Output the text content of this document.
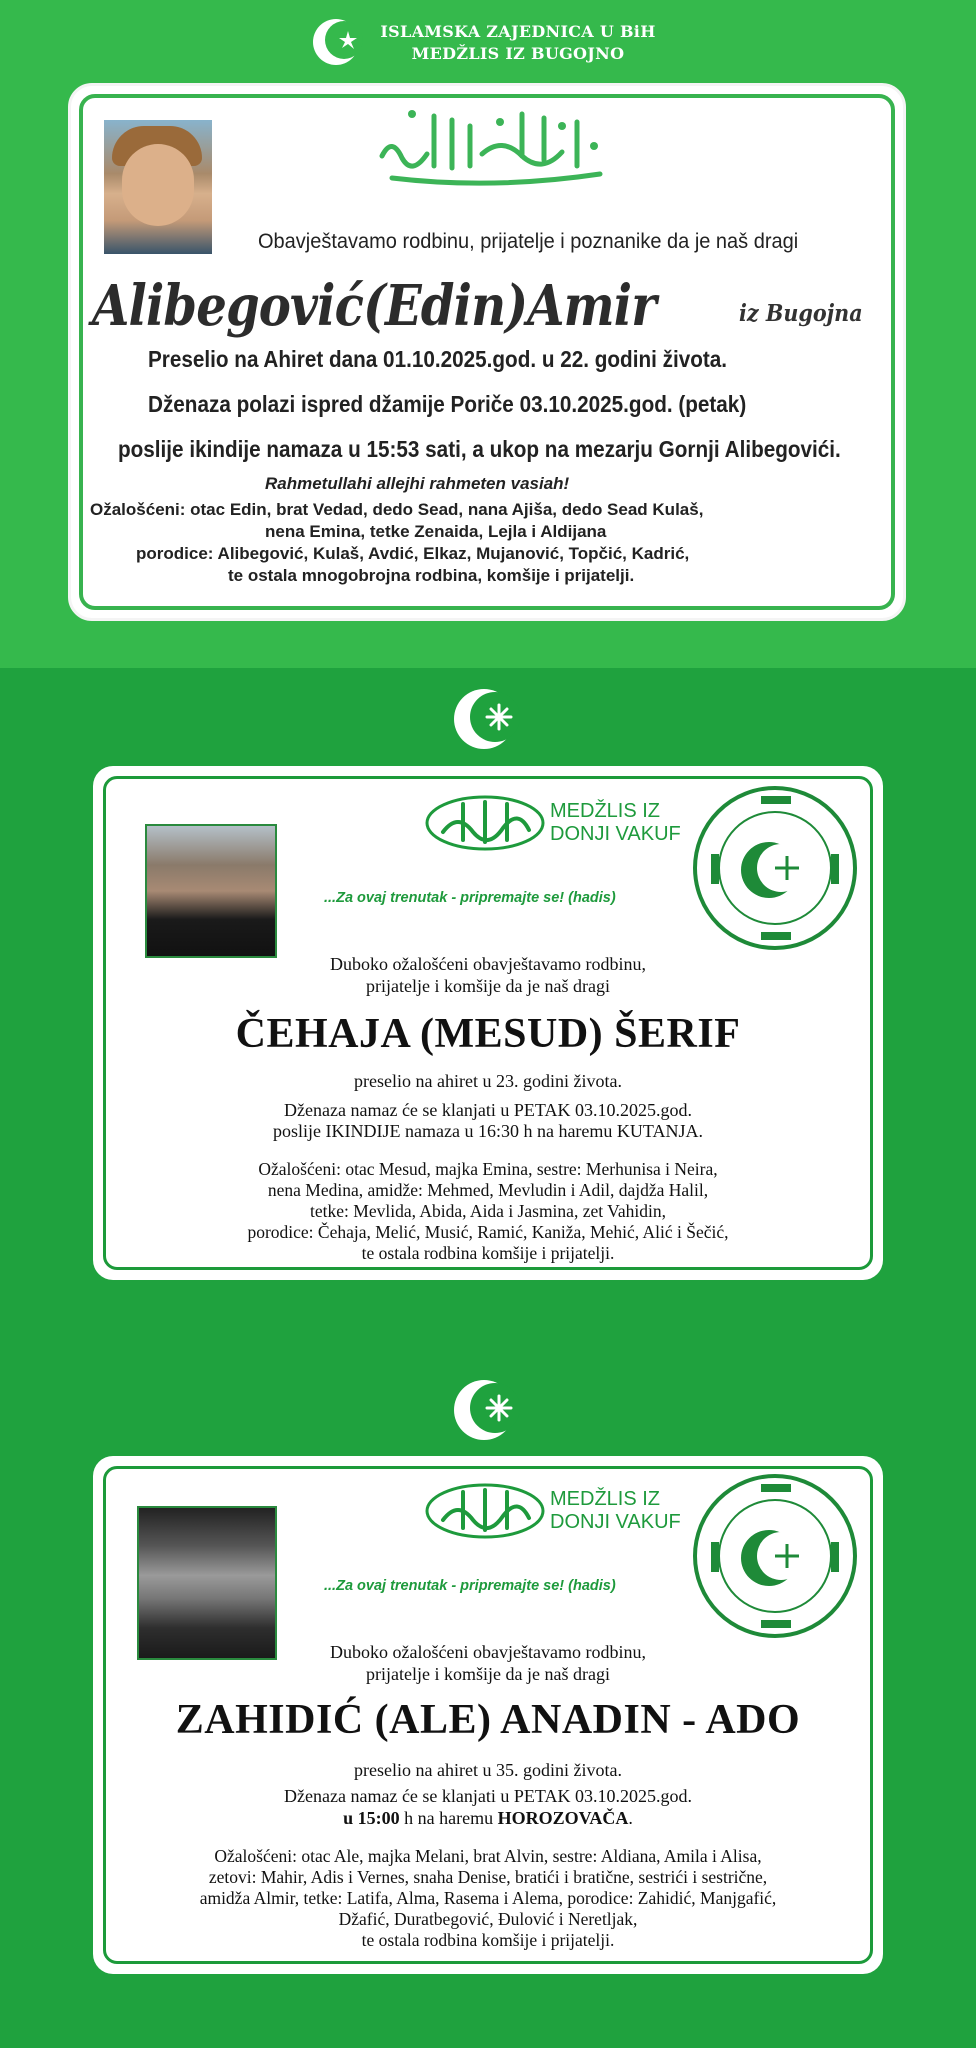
ISLAMSKA ZAJEDNICA U BiH
MEDŽLIS IZ BUGOJNO
Obavještavamo rodbinu, prijatelje i poznanike da je naš dragi
Alibegović(Edin)Amir	iz Bugojna
Preselio na Ahiret dana 01.10.2025.god. u 22. godini života.
Dženaza polazi ispred džamije Poriče 03.10.2025.god. (petak)
poslije ikindije namaza u 15:53 sati, a ukop na mezarju Gornji Alibegovići.
Rahmetullahi allejhi rahmeten vasiah!
Ožalošćeni: otac Edin, brat Vedad, dedo Sead, nana Ajiša, dedo Sead Kulaš,
nena Emina, tetke Zenaida, Lejla i Aldijana
porodice: Alibegović, Kulaš, Avdić, Elkaz, Mujanović, Topčić, Kadrić,
te ostala mnogobrojna rodbina, komšije i prijatelji.
MEDŽLIS IZ
DONJI VAKUF
...Za ovaj trenutak - pripremajte se! (hadis)
Duboko ožalošćeni obavještavamo rodbinu,
prijatelje i komšije da je naš dragi
ČEHAJA (MESUD) ŠERIF
preselio na ahiret u 23. godini života.
Dženaza namaz će se klanjati u PETAK 03.10.2025.god.
poslije IKINDIJE namaza u 16:30 h na haremu KUTANJA.
Ožalošćeni: otac Mesud, majka Emina, sestre: Merhunisa i Neira,
nena Medina, amidže: Mehmed, Mevludin i Adil, dajdža Halil,
tetke: Mevlida, Abida, Aida i Jasmina, zet Vahidin,
porodice: Čehaja, Melić, Musić, Ramić, Kaniža, Mehić, Alić i Šečić,
te ostala rodbina komšije i prijatelji.
MEDŽLIS IZ
DONJI VAKUF
...Za ovaj trenutak - pripremajte se! (hadis)
Duboko ožalošćeni obavještavamo rodbinu,
prijatelje i komšije da je naš dragi
ZAHIDIĆ (ALE) ANADIN - ADO
preselio na ahiret u 35. godini života.
Dženaza namaz će se klanjati u PETAK 03.10.2025.god.
u 15:00 h na haremu HOROZOVAČA.
Ožalošćeni: otac Ale, majka Melani, brat Alvin, sestre: Aldiana, Amila i Alisa,
zetovi: Mahir, Adis i Vernes, snaha Denise, bratići i bratične, sestrići i sestrične,
amidža Almir, tetke: Latifa, Alma, Rasema i Alema, porodice: Zahidić, Manjgafić,
Džafić, Duratbegović, Đulović i Neretljak,
te ostala rodbina komšije i prijatelji.
